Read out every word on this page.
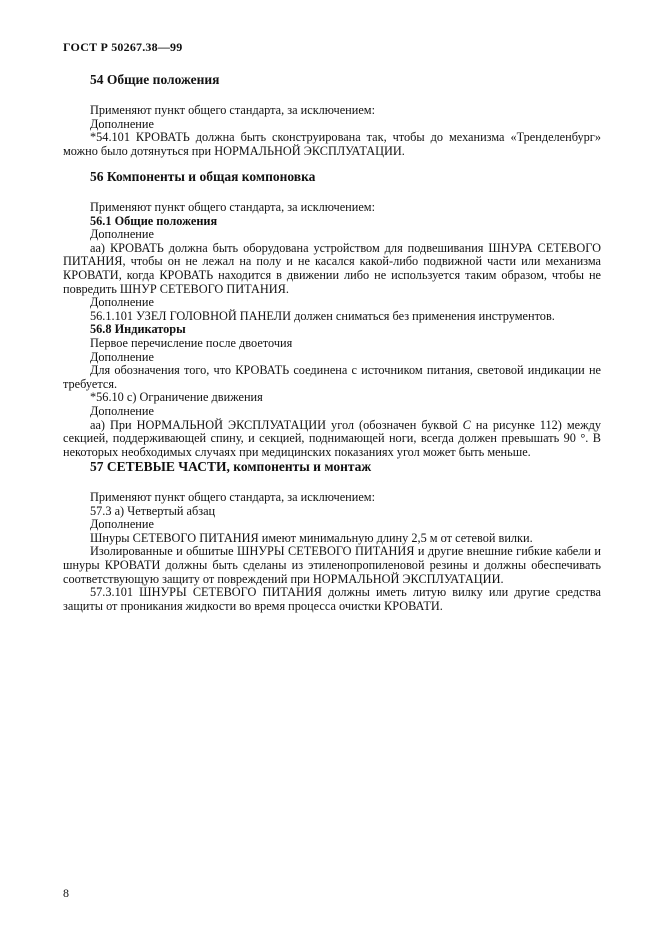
ГОСТ Р 50267.38—99
54 Общие положения

Применяют пункт общего стандарта, за исключением:

Дополнение

*54.101 КРОВАТЬ должна быть сконструирована так, чтобы до механизма «Тренделенбург» можно было дотянуться при НОРМАЛЬНОЙ ЭКСПЛУАТАЦИИ.

56 Компоненты и общая компоновка

Применяют пункт общего стандарта, за исключением:

56.1 Общие положения

Дополнение

аа) КРОВАТЬ должна быть оборудована устройством для подвешивания ШНУРА СЕТЕВОГО ПИТАНИЯ, чтобы он не лежал на полу и не касался какой-либо подвижной части или механизма КРОВАТИ, когда КРОВАТЬ находится в движении либо не используется таким образом, чтобы не повредить ШНУР СЕТЕВОГО ПИТАНИЯ.

Дополнение

56.1.101 УЗЕЛ ГОЛОВНОЙ ПАНЕЛИ должен сниматься без применения инструментов.

56.8 Индикаторы

Первое перечисление после двоеточия

Дополнение

Для обозначения того, что КРОВАТЬ соединена с источником питания, световой индикации не требуется.

*56.10 с) Ограничение движения

Дополнение

аа) При НОРМАЛЬНОЙ ЭКСПЛУАТАЦИИ угол (обозначен буквой C на рисунке 112) между секцией, поддерживающей спину, и секцией, поднимающей ноги, всегда должен превышать 90 °. В некоторых необходимых случаях при медицинских показаниях угол может быть меньше.

57 СЕТЕВЫЕ ЧАСТИ, компоненты и монтаж

Применяют пункт общего стандарта, за исключением:

57.3 а) Четвертый абзац

Дополнение

Шнуры СЕТЕВОГО ПИТАНИЯ имеют минимальную длину 2,5 м от сетевой вилки.

Изолированные и обшитые ШНУРЫ СЕТЕВОГО ПИТАНИЯ и другие внешние гибкие кабели и шнуры КРОВАТИ должны быть сделаны из этиленопропиленовой резины и должны обеспечивать соответствующую защиту от повреждений при НОРМАЛЬНОЙ ЭКСПЛУАТАЦИИ.

57.3.101 ШНУРЫ СЕТЕВОГО ПИТАНИЯ должны иметь литую вилку или другие средства защиты от проникания жидкости во время процесса очистки КРОВАТИ.

8
